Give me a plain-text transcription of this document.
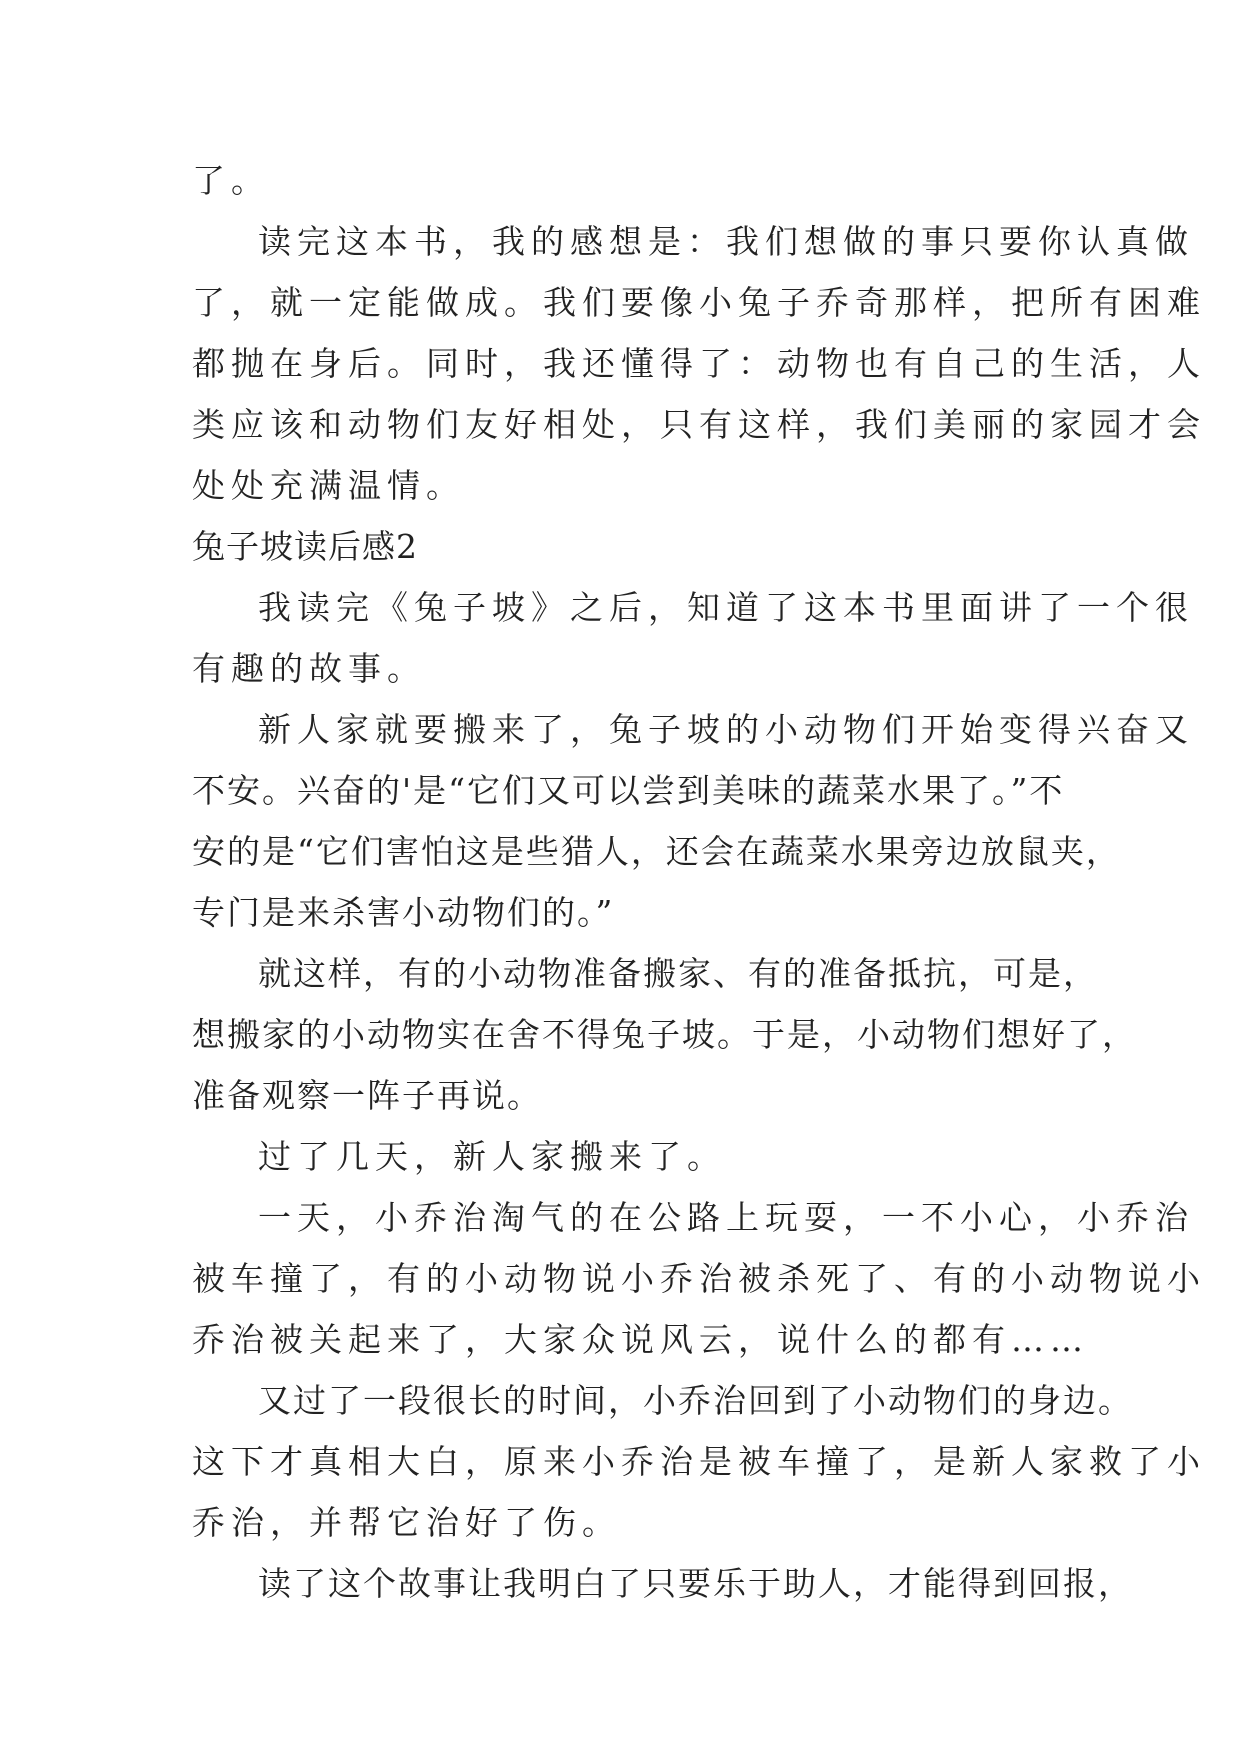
了。
读完这本书，我的感想是：我们想做的事只要你认真做
了，就一定能做成。我们要像小兔子乔奇那样，把所有困难
都抛在身后。同时，我还懂得了：动物也有自己的生活，人
类应该和动物们友好相处，只有这样，我们美丽的家园才会
处处充满温情。
兔子坡读后感2
我读完《兔子坡》之后，知道了这本书里面讲了一个很
有趣的故事。
新人家就要搬来了，兔子坡的小动物们开始变得兴奋又
不安。兴奋的'是“它们又可以尝到美味的蔬菜水果了。”不
安的是“它们害怕这是些猎人，还会在蔬菜水果旁边放鼠夹，
专门是来杀害小动物们的。”
就这样，有的小动物准备搬家、有的准备抵抗，可是，
想搬家的小动物实在舍不得兔子坡。于是，小动物们想好了，
准备观察一阵子再说。
过了几天，新人家搬来了。
一天，小乔治淘气的在公路上玩耍，一不小心，小乔治
被车撞了，有的小动物说小乔治被杀死了、有的小动物说小
乔治被关起来了，大家众说风云，说什么的都有……
又过了一段很长的时间，小乔治回到了小动物们的身边。
这下才真相大白，原来小乔治是被车撞了，是新人家救了小
乔治，并帮它治好了伤。
读了这个故事让我明白了只要乐于助人，才能得到回报，
